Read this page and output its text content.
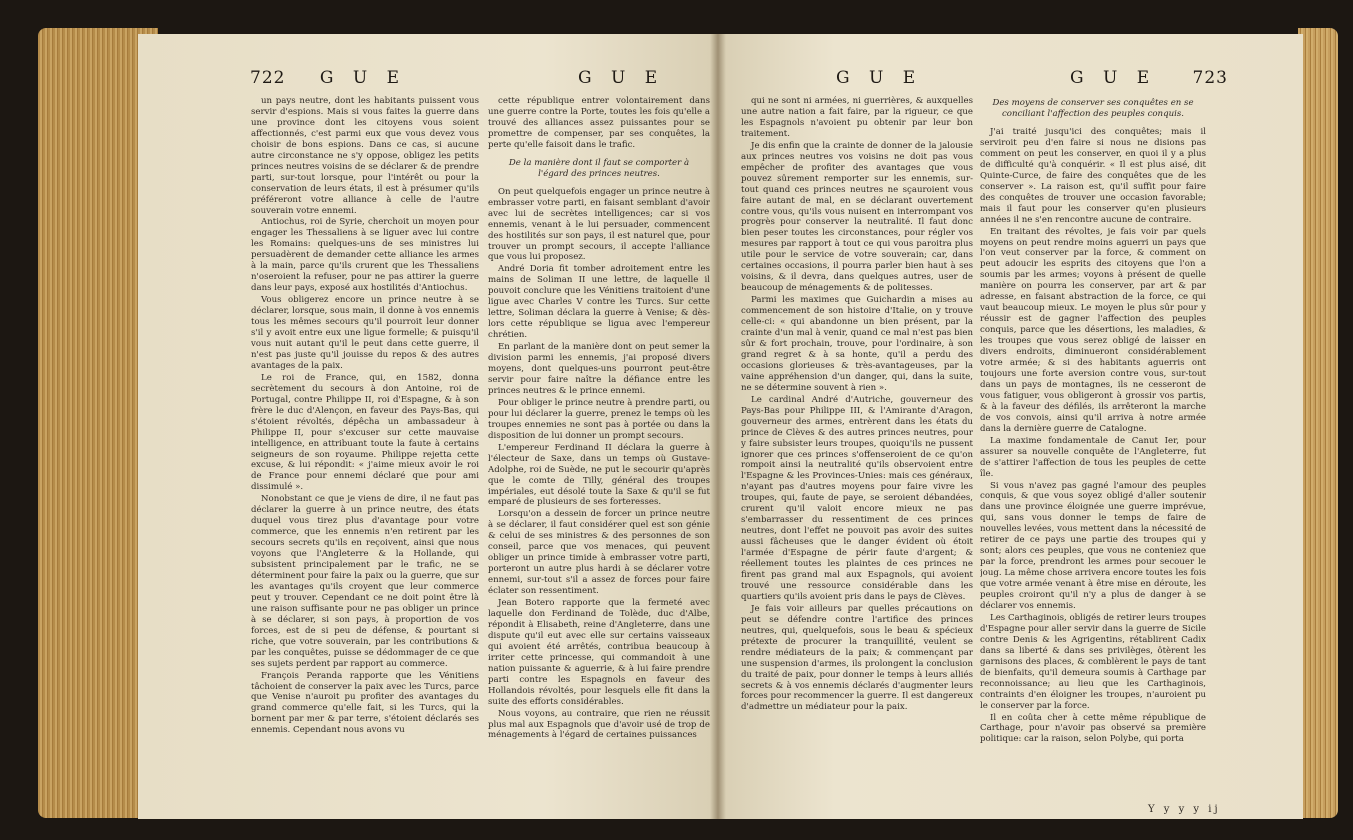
722 G U E	G U E

un pays neutre, dont les habitants puissent vous servir d'espions. Mais si vous faites la guerre dans une province dont les citoyens vous soient affectionnés, c'est parmi eux que vous devez vous choisir de bons espions. Dans ce cas, si aucune autre circonstance ne s'y oppose, obligez les petits princes neutres voisins de se déclarer & de prendre parti, sur-tout lorsque, pour l'intérêt ou pour la conservation de leurs états, il est à présumer qu'ils préféreront votre alliance à celle de l'autre souverain votre ennemi.

Antiochus, roi de Syrie, cherchoit un moyen pour engager les Thessaliens à se liguer avec lui contre les Romains: quelques-uns de ses ministres lui persuadèrent de demander cette alliance les armes à la main, parce qu'ils crurent que les Thessaliens n'oseroient la refuser, pour ne pas attirer la guerre dans leur pays, exposé aux hostilités d'Antiochus.

Vous obligerez encore un prince neutre à se déclarer, lorsque, sous main, il donne à vos ennemis tous les mêmes secours qu'il pourroit leur donner s'il y avoit entre eux une ligue formelle; & puisqu'il vous nuit autant qu'il le peut dans cette guerre, il n'est pas juste qu'il jouisse du repos & des autres avantages de la paix.

Le roi de France, qui, en 1582, donna secrètement du secours à don Antoine, roi de Portugal, contre Philippe II, roi d'Espagne, & à son frère le duc d'Alençon, en faveur des Pays-Bas, qui s'étoient révoltés, dépêcha un ambassadeur à Philippe II, pour s'excuser sur cette mauvaise intelligence, en attribuant toute la faute à certains seigneurs de son royaume. Philippe rejetta cette excuse, & lui répondit: « j'aime mieux avoir le roi de France pour ennemi déclaré que pour ami dissimulé ».

Nonobstant ce que je viens de dire, il ne faut pas déclarer la guerre à un prince neutre, des états duquel vous tirez plus d'avantage pour votre commerce, que les ennemis n'en retirent par les secours secrets qu'ils en reçoivent, ainsi que nous voyons que l'Angleterre & la Hollande, qui subsistent principalement par le trafic, ne se déterminent pour faire la paix ou la guerre, que sur les avantages qu'ils croyent que leur commerce peut y trouver. Cependant ce ne doit point être là une raison suffisante pour ne pas obliger un prince à se déclarer, si son pays, à proportion de vos forces, est de si peu de défense, & pourtant si riche, que votre souverain, par les contributions & par les conquêtes, puisse se dédommager de ce que ses sujets perdent par rapport au commerce.

François Peranda rapporte que les Vénitiens tâchoient de conserver la paix avec les Turcs, parce que Venise n'auroit pu profiter des avantages du grand commerce qu'elle fait, si les Turcs, qui la bornent par mer & par terre, s'étoient déclarés ses ennemis. Cependant nous avons vu

cette république entrer volontairement dans une guerre contre la Porte, toutes les fois qu'elle a trouvé des alliances assez puissantes pour se promettre de compenser, par ses conquêtes, la perte qu'elle faisoit dans le trafic.

De la manière dont il faut se comporter à l'égard des princes neutres.

On peut quelquefois engager un prince neutre à embrasser votre parti, en faisant semblant d'avoir avec lui de secrètes intelligences; car si vos ennemis, venant à le lui persuader, commencent des hostilités sur son pays, il est naturel que, pour trouver un prompt secours, il accepte l'alliance que vous lui proposez.

André Doria fit tomber adroitement entre les mains de Soliman II une lettre, de laquelle il pouvoit conclure que les Vénitiens traitoient d'une ligue avec Charles V contre les Turcs. Sur cette lettre, Soliman déclara la guerre à Venise; & dès-lors cette république se ligua avec l'empereur chrétien.

En parlant de la manière dont on peut semer la division parmi les ennemis, j'ai proposé divers moyens, dont quelques-uns pourront peut-être servir pour faire naître la défiance entre les princes neutres & le prince ennemi.

Pour obliger le prince neutre à prendre parti, ou pour lui déclarer la guerre, prenez le temps où les troupes ennemies ne sont pas à portée ou dans la disposition de lui donner un prompt secours.

L'empereur Ferdinand II déclara la guerre à l'électeur de Saxe, dans un temps où Gustave-Adolphe, roi de Suède, ne put le secourir qu'après que le comte de Tilly, général des troupes impériales, eut désolé toute la Saxe & qu'il se fut emparé de plusieurs de ses forteresses.

Lorsqu'on a dessein de forcer un prince neutre à se déclarer, il faut considérer quel est son génie & celui de ses ministres & des personnes de son conseil, parce que vos menaces, qui peuvent obliger un prince timide à embrasser votre parti, porteront un autre plus hardi à se déclarer votre ennemi, sur-tout s'il a assez de forces pour faire éclater son ressentiment.

Jean Botero rapporte que la fermeté avec laquelle don Ferdinand de Tolède, duc d'Albe, répondit à Elisabeth, reine d'Angleterre, dans une dispute qu'il eut avec elle sur certains vaisseaux qui avoient été arrêtés, contribua beaucoup à irriter cette princesse, qui commandoit à une nation puissante & aguerrie, & à lui faire prendre parti contre les Espagnols en faveur des Hollandois révoltés, pour lesquels elle fit dans la suite des efforts considérables.

Nous voyons, au contraire, que rien ne réussit plus mal aux Espagnols que d'avoir usé de trop de ménagements à l'égard de certaines puissances

G U E	G U E 723

qui ne sont ni armées, ni guerrières, & auxquelles une autre nation a fait faire, par la rigueur, ce que les Espagnols n'avoient pu obtenir par leur bon traitement.

Je dis enfin que la crainte de donner de la jalousie aux princes neutres vos voisins ne doit pas vous empêcher de profiter des avantages que vous pouvez sûrement remporter sur les ennemis, sur-tout quand ces princes neutres ne sçauroient vous faire autant de mal, en se déclarant ouvertement contre vous, qu'ils vous nuisent en interrompant vos progrès pour conserver la neutralité. Il faut donc bien peser toutes les circonstances, pour régler vos mesures par rapport à tout ce qui vous paroitra plus utile pour le service de votre souverain; car, dans certaines occasions, il pourra parler bien haut à ses voisins, & il devra, dans quelques autres, user de beaucoup de ménagements & de politesses.

Parmi les maximes que Guichardin a mises au commencement de son histoire d'Italie, on y trouve celle-ci: « qui abandonne un bien présent, par la crainte d'un mal à venir, quand ce mal n'est pas bien sûr & fort prochain, trouve, pour l'ordinaire, à son grand regret & à sa honte, qu'il a perdu des occasions glorieuses & très-avantageuses, par la vaine appréhension d'un danger, qui, dans la suite, ne se détermine souvent à rien ».

Le cardinal André d'Autriche, gouverneur des Pays-Bas pour Philippe III, & l'Amirante d'Aragon, gouverneur des armes, entrèrent dans les états du prince de Clèves & des autres princes neutres, pour y faire subsister leurs troupes, quoiqu'ils ne pussent ignorer que ces princes s'offenseroient de ce qu'on rompoit ainsi la neutralité qu'ils observoient entre l'Espagne & les Provinces-Unies: mais ces généraux, n'ayant pas d'autres moyens pour faire vivre les troupes, qui, faute de paye, se seroient débandées, crurent qu'il valoit encore mieux ne pas s'embarrasser du ressentiment de ces princes neutres, dont l'effet ne pouvoit pas avoir des suites aussi fâcheuses que le danger évident où étoit l'armée d'Espagne de périr faute d'argent; & réellement toutes les plaintes de ces princes ne firent pas grand mal aux Espagnols, qui avoient trouvé une ressource considérable dans les quartiers qu'ils avoient pris dans le pays de Clèves.

Je fais voir ailleurs par quelles précautions on peut se défendre contre l'artifice des princes neutres, qui, quelquefois, sous le beau & spécieux prétexte de procurer la tranquillité, veulent se rendre médiateurs de la paix; & commençant par une suspension d'armes, ils prolongent la conclusion du traité de paix, pour donner le temps à leurs alliés secrets & à vos ennemis déclarés d'augmenter leurs forces pour recommencer la guerre. Il est dangereux d'admettre un médiateur pour la paix.

Des moyens de conserver ses conquêtes en se conciliant l'affection des peuples conquis.

J'ai traité jusqu'ici des conquêtes; mais il serviroit peu d'en faire si nous ne disions pas comment on peut les conserver, en quoi il y a plus de difficulté qu'à conquérir. « Il est plus aisé, dit Quinte-Curce, de faire des conquêtes que de les conserver ». La raison est, qu'il suffit pour faire des conquêtes de trouver une occasion favorable; mais il faut pour les conserver qu'en plusieurs années il ne s'en rencontre aucune de contraire.

En traitant des révoltes, je fais voir par quels moyens on peut rendre moins aguerri un pays que l'on veut conserver par la force, & comment on peut adoucir les esprits des citoyens que l'on a soumis par les armes; voyons à présent de quelle manière on pourra les conserver, par art & par adresse, en faisant abstraction de la force, ce qui vaut beaucoup mieux. Le moyen le plus sûr pour y réussir est de gagner l'affection des peuples conquis, parce que les désertions, les maladies, & les troupes que vous serez obligé de laisser en divers endroits, diminueront considérablement votre armée; & si des habitants aguerris ont toujours une forte aversion contre vous, sur-tout dans un pays de montagnes, ils ne cesseront de vous fatiguer, vous obligeront à grossir vos partis, & à la faveur des défilés, ils arrêteront la marche de vos convois, ainsi qu'il arriva à notre armée dans la dernière guerre de Catalogne.

La maxime fondamentale de Canut Ier, pour assurer sa nouvelle conquête de l'Angleterre, fut de s'attirer l'affection de tous les peuples de cette île.

Si vous n'avez pas gagné l'amour des peuples conquis, & que vous soyez obligé d'aller soutenir dans une province éloignée une guerre imprévue, qui, sans vous donner le temps de faire de nouvelles levées, vous mettent dans la nécessité de retirer de ce pays une partie des troupes qui y sont; alors ces peuples, que vous ne conteniez que par la force, prendront les armes pour secouer le joug. La même chose arrivera encore toutes les fois que votre armée venant à être mise en déroute, les peuples croiront qu'il n'y a plus de danger à se déclarer vos ennemis.

Les Carthaginois, obligés de retirer leurs troupes d'Espagne pour aller servir dans la guerre de Sicile contre Denis & les Agrigentins, rétablirent Cadix dans sa liberté & dans ses privilèges, ôtèrent les garnisons des places, & comblèrent le pays de tant de bienfaits, qu'il demeura soumis à Carthage par reconnoissance; au lieu que les Carthaginois, contraints d'en éloigner les troupes, n'auroient pu le conserver par la force.

Il en coûta cher à cette même république de Carthage, pour n'avoir pas observé sa première politique: car la raison, selon Polybe, qui porta

Y y y y ij
